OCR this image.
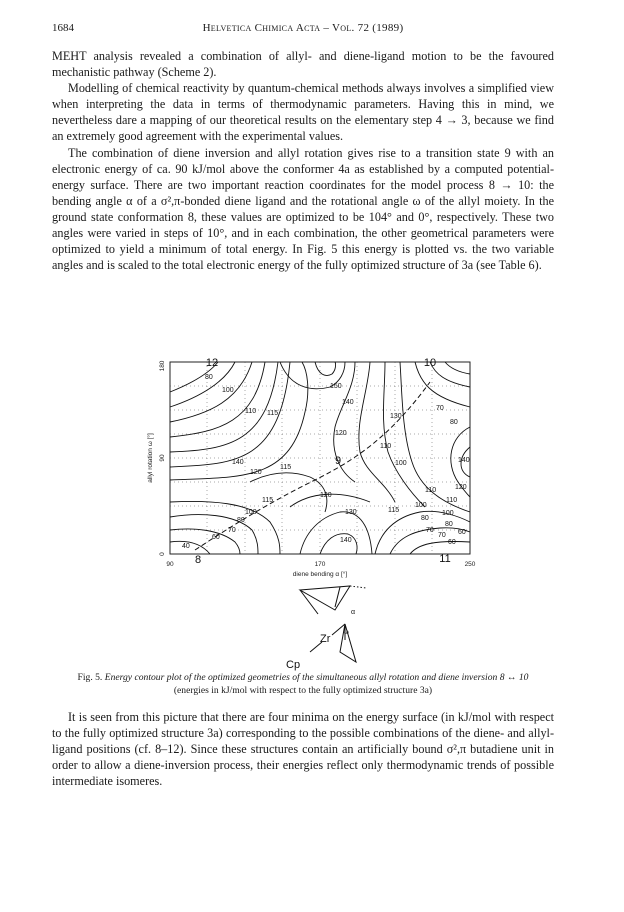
1684	Helvetica Chimica Acta – Vol. 72 (1989)

MEHT analysis revealed a combination of allyl- and diene-ligand motion to be the favoured mechanistic pathway (Scheme 2).

Modelling of chemical reactivity by quantum-chemical methods always involves a simplified view when interpreting the data in terms of thermodynamic parameters. Having this in mind, we nevertheless dare a mapping of our theoretical results on the elementary step 4 → 3, because we find an extremely good agreement with the experimental values.

The combination of diene inversion and allyl rotation gives rise to a transition state 9 with an electronic energy of ca. 90 kJ/mol above the conformer 4a as established by a computed potential-energy surface. There are two important reaction coordinates for the model process 8 → 10: the bending angle α of a σ²,π-bonded diene ligand and the rotational angle ω of the allyl moiety. In the ground state conformation 8, these values are optimized to be 104° and 0°, respectively. These two angles were varied in steps of 10°, and in each combination, the other geometrical parameters were optimized to yield a minimum of total energy. In Fig. 5 this energy is plotted vs. the two variable angles and is scaled to the total electronic energy of the fully optimized structure of 3a (see Table 6).

90	170	250
0
90
180
diene bending α [°]
allyl rotation ω [°]
12	10
8	11
9
80
100
110 115
150
140
130
70
80
120
110
100	140
140
120
115
120
110
100
80
70
60
40
60
70
80
100
115
130	115
140
120
110
100
80
70	60
α
ω
Zr
Cp
Fig. 5. Energy contour plot of the optimized geometries of the simultaneous allyl rotation and diene inversion 8 ↔ 10
(energies in kJ/mol with respect to the fully optimized structure 3a)

It is seen from this picture that there are four minima on the energy surface (in kJ/mol with respect to the fully optimized structure 3a) corresponding to the possible combinations of the diene- and allyl-ligand positions (cf. 8–12). Since these structures contain an artificially bound σ²,π butadiene unit in order to allow a diene-inversion process, their energies reflect only thermodynamic trends of possible intermediate isomeres.
